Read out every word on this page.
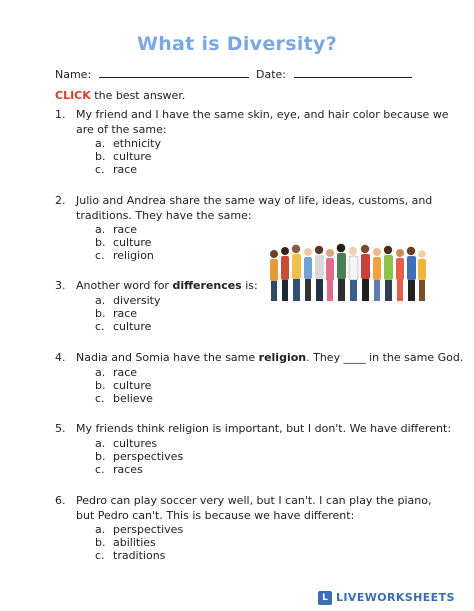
What is Diversity?
Name:	Date:
CLICK the best answer.
1. My friend and I have the same skin, eye, and hair color because we
are of the same:
a. ethnicity
b. culture
c. race
2. Julio and Andrea share the same way of life, ideas, customs, and
traditions. They have the same:
a. race
b. culture
c. religion
3. Another word for differences is:
a. diversity
b. race
c. culture
4. Nadia and Somia have the same religion. They ____ in the same God.
a. race
b. culture
c. believe
5. My friends think religion is important, but I don't. We have different:
a. cultures
b. perspectives
c. races
6. Pedro can play soccer very well, but I can't. I can play the piano,
but Pedro can't. This is because we have different:
a. perspectives
b. abilities
c. traditions
L LIVEWORKSHEETS
